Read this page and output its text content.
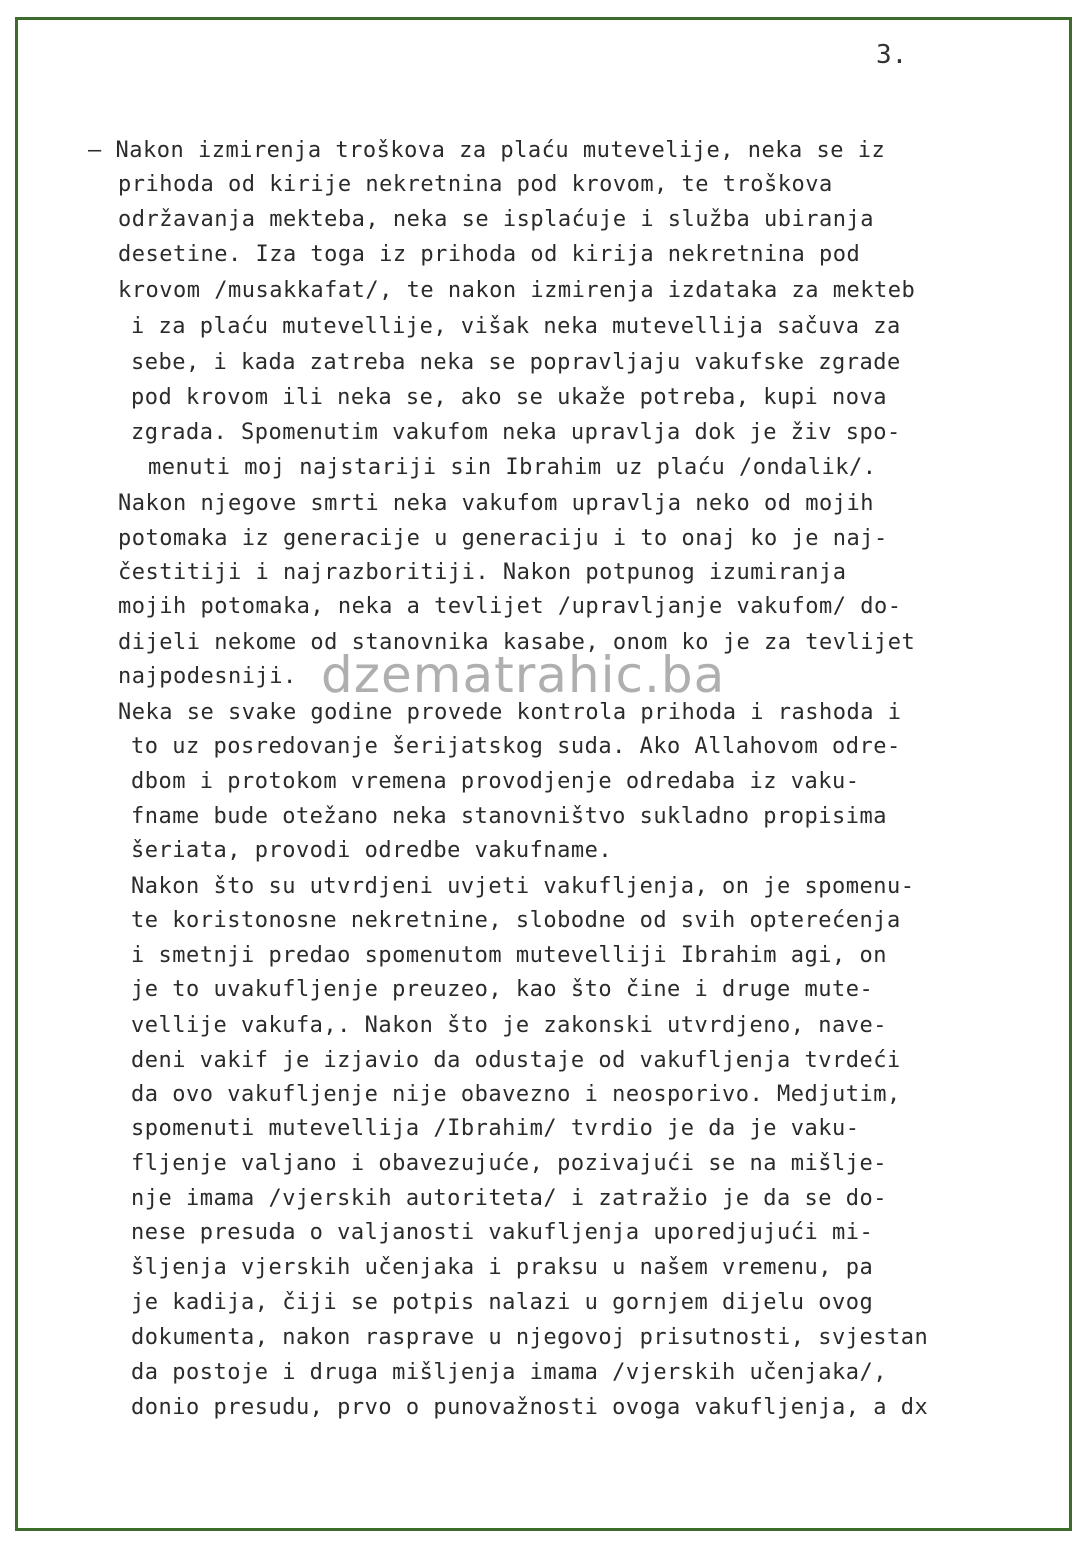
3.
– Nakon izmirenja troškova za plaću mutevelije, neka se iz
prihoda od kirije nekretnina pod krovom, te troškova
održavanja mekteba, neka se isplaćuje i služba ubiranja
desetine. Iza toga iz prihoda od kirija nekretnina pod
krovom /musakkafat/, te nakon izmirenja izdataka za mekteb
i za plaću mutevellije, višak neka mutevellija sačuva za
sebe, i kada zatreba neka se popravljaju vakufske zgrade
pod krovom ili neka se, ako se ukaže potreba, kupi nova
zgrada. Spomenutim vakufom neka upravlja dok je živ spo-
menuti moj najstariji sin Ibrahim uz plaću /ondalik/.
Nakon njegove smrti neka vakufom upravlja neko od mojih
potomaka iz generacije u generaciju i to onaj ko je naj-
čestitiji i najrazboritiji. Nakon potpunog izumiranja
mojih potomaka, neka a tevlijet /upravljanje vakufom/ do-
dijeli nekome od stanovnika kasabe, onom ko je za tevlijet
najpodesniji.
Neka se svake godine provede kontrola prihoda i rashoda i
to uz posredovanje šerijatskog suda. Ako Allahovom odre-
dbom i protokom vremena provodjenje odredaba iz vaku-
fname bude otežano neka stanovništvo sukladno propisima
šeriata, provodi odredbe vakufname.
Nakon što su utvrdjeni uvjeti vakufljenja, on je spomenu-
te koristonosne nekretnine, slobodne od svih opterećenja
i smetnji predao spomenutom mutevelliji Ibrahim agi, on
je to uvakufljenje preuzeo, kao što čine i druge mute-
vellije vakufa,. Nakon što je zakonski utvrdjeno, nave-
deni vakif je izjavio da odustaje od vakufljenja tvrdeći
da ovo vakufljenje nije obavezno i neosporivo. Medjutim,
spomenuti mutevellija /Ibrahim/ tvrdio je da je vaku-
fljenje valjano i obavezujuće, pozivajući se na mišlje-
nje imama /vjerskih autoriteta/ i zatražio je da se do-
nese presuda o valjanosti vakufljenja uporedjujući mi-
šljenja vjerskih učenjaka i praksu u našem vremenu, pa
je kadija, čiji se potpis nalazi u gornjem dijelu ovog
dokumenta, nakon rasprave u njegovoj prisutnosti, svjestan
da postoje i druga mišljenja imama /vjerskih učenjaka/,
donio presudu, prvo o punovažnosti ovoga vakufljenja, a dx
dzematrahic.ba
